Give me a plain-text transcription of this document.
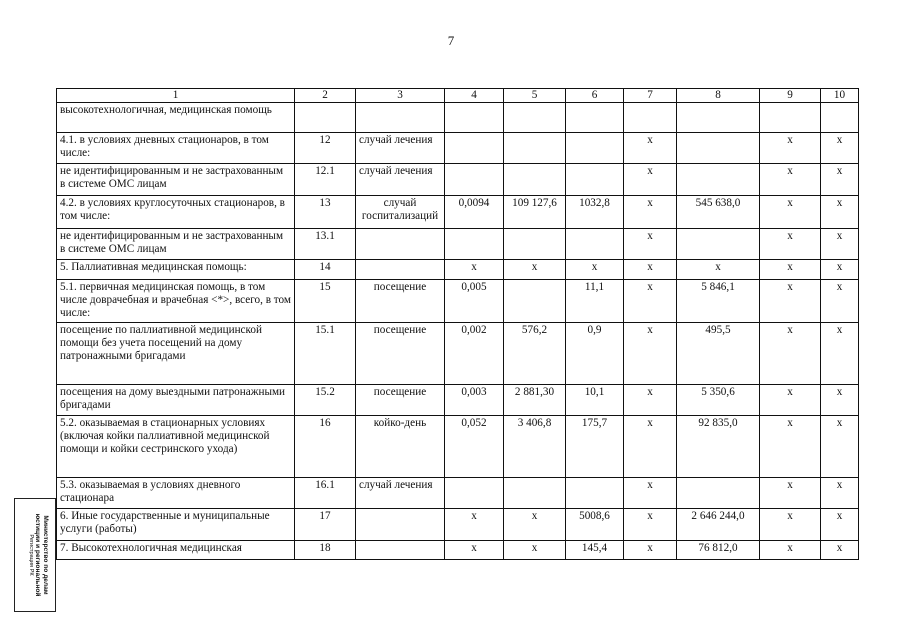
7
1	2	3	4	5	6	7	8	9	10
высокотехнологичная, медицинская помощь									
4.1. в условиях дневных стационаров, в том числе:	12	случай лечения				х		х	х
не идентифицированным и не застрахованным в системе ОМС лицам	12.1	случай лечения				х		х	х
4.2. в условиях круглосуточных стационаров, в том числе:	13	случай госпитализаций	0,0094	109 127,6	1032,8	х	545 638,0	х	х
не идентифицированным и не застрахованным в системе ОМС лицам	13.1					х		х	х
5. Паллиативная медицинская помощь:	14		х	х	х	х	х	х	х
5.1. первичная медицинская помощь, в том числе доврачебная и врачебная <*>, всего, в том числе:	15	посещение	0,005		11,1	х	5 846,1	х	х
посещение по паллиативной медицинской помощи без учета посещений на дому патронажными бригадами	15.1	посещение	0,002	576,2	0,9	х	495,5	х	х
посещения на дому выездными патронажными бригадами	15.2	посещение	0,003	2 881,30	10,1	х	5 350,6	х	х
5.2. оказываемая в стационарных условиях (включая койки паллиативной медицинской помощи и койки сестринского ухода)	16	койко-день	0,052	3 406,8	175,7	х	92 835,0	х	х
5.3. оказываемая в условиях дневного стационара	16.1	случай лечения				х		х	х
6. Иные государственные и муниципальные услуги (работы)	17		х	х	5008,6	х	2 646 244,0	х	х
7. Высокотехнологичная медицинская	18		х	х	145,4	х	76 812,0	х	х
Министерство по делам
юстиции и региональной
Регистрация РК
